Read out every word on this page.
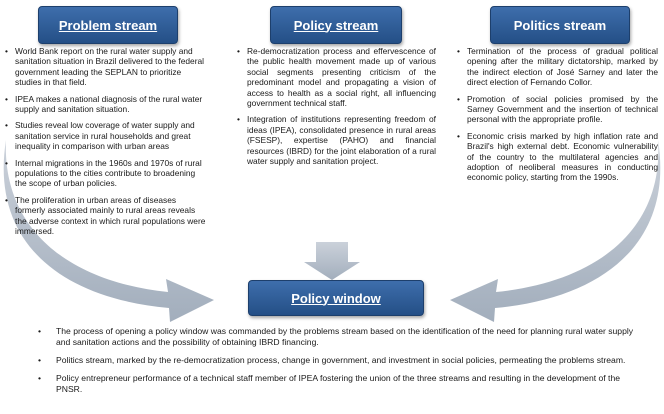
Problem stream	Policy stream	Politics stream
• World Bank report on the rural water supply and sanitation situation in Brazil delivered to the federal government leading the SEPLAN to prioritize studies in that field.
• IPEA makes a national diagnosis of the rural water supply and sanitation situation.
• Studies reveal low coverage of water supply and sanitation service in rural households and great inequality in comparison with urban areas
• Internal migrations in the 1960s and 1970s of rural populations to the cities contribute to broadening the scope of urban policies.
• The proliferation in urban areas of diseases formerly associated mainly to rural areas reveals the adverse context in which rural populations were immersed.
• Re-democratization process and effervescence of the public health movement made up of various social segments presenting criticism of the predominant model and propagating a vision of access to health as a social right, all influencing government technical staff.
• Integration of institutions representing freedom of ideas (IPEA), consolidated presence in rural areas (FSESP), expertise (PAHO) and financial resources (IBRD) for the joint elaboration of a rural water supply and sanitation project.
• Termination of the process of gradual political opening after the military dictatorship, marked by the indirect election of José Sarney and later the direct election of Fernando Collor.
• Promotion of social policies promised by the Sarney Government and the insertion of technical personal with the appropriate profile.
• Economic crisis marked by high inflation rate and Brazil's high external debt. Economic vulnerability of the country to the multilateral agencies and adoption of neoliberal measures in conducting economic policy, starting from the 1990s.
Policy window
• The process of opening a policy window was commanded by the problems stream based on the identification of the need for planning rural water supply and sanitation actions and the possibility of obtaining IBRD financing.
• Politics stream, marked by the re-democratization process, change in government, and investment in social policies, permeating the problems stream.
• Policy entrepreneur performance of a technical staff member of IPEA fostering the union of the three streams and resulting in the development of the PNSR.
